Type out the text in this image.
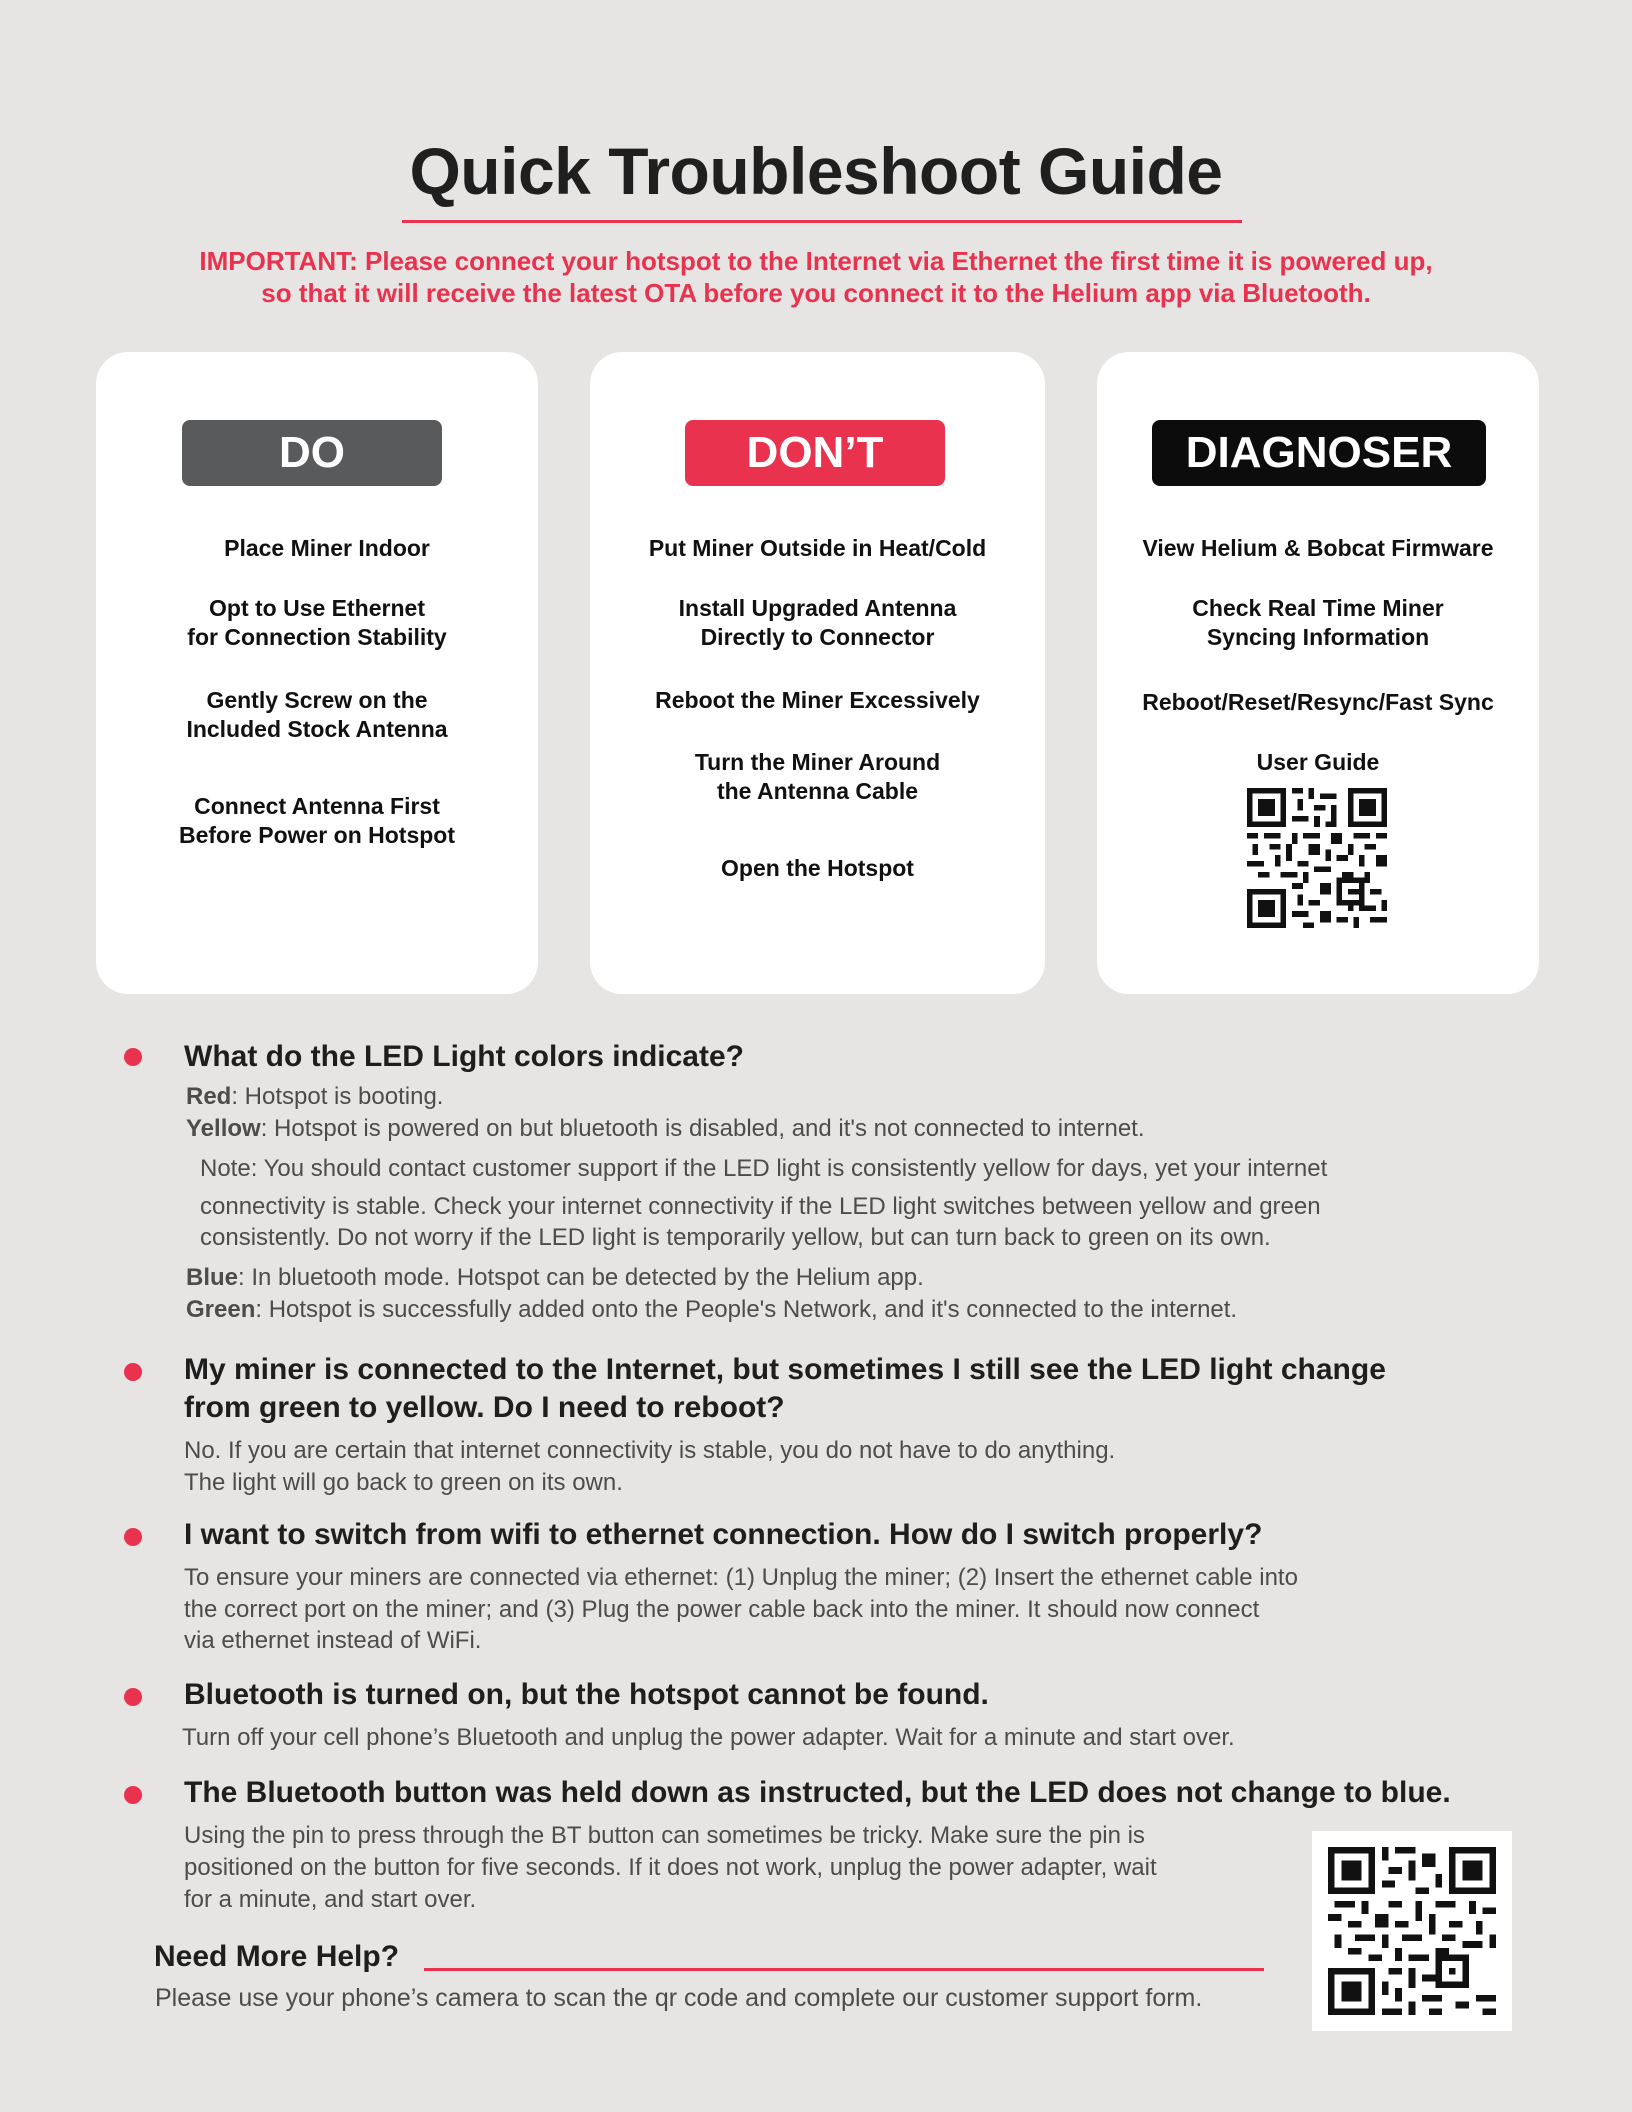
Quick Troubleshoot Guide
IMPORTANT: Please connect your hotspot to the Internet via Ethernet the first time it is powered up,
so that it will receive the latest OTA before you connect it to the Helium app via Bluetooth.
DO
Place Miner Indoor
Opt to Use Ethernet
for Connection Stability
Gently Screw on the
Included Stock Antenna
Connect Antenna First
Before Power on Hotspot
DON’T
Put Miner Outside in Heat/Cold
Install Upgraded Antenna
Directly to Connector
Reboot the Miner Excessively
Turn the Miner Around
the Antenna Cable
Open the Hotspot
DIAGNOSER
View Helium & Bobcat Firmware
Check Real Time Miner
Syncing Information
Reboot/Reset/Resync/Fast Sync
User Guide
What do the LED Light colors indicate?
Red: Hotspot is booting.
Yellow: Hotspot is powered on but bluetooth is disabled, and it's not connected to internet.
Note: You should contact customer support if the LED light is consistently yellow for days, yet your internet
connectivity is stable. Check your internet connectivity if the LED light switches between yellow and green
consistently. Do not worry if the LED light is temporarily yellow, but can turn back to green on its own.
Blue: In bluetooth mode. Hotspot can be detected by the Helium app.
Green: Hotspot is successfully added onto the People's Network, and it's connected to the internet.
My miner is connected to the Internet, but sometimes I still see the LED light change
from green to yellow. Do I need to reboot?
No. If you are certain that internet connectivity is stable, you do not have to do anything.
The light will go back to green on its own.
I want to switch from wifi to ethernet connection. How do I switch properly?
To ensure your miners are connected via ethernet: (1) Unplug the miner; (2) Insert the ethernet cable into
the correct port on the miner; and (3) Plug the power cable back into the miner. It should now connect
via ethernet instead of WiFi.
Bluetooth is turned on, but the hotspot cannot be found.
Turn off your cell phone’s Bluetooth and unplug the power adapter. Wait for a minute and start over.
The Bluetooth button was held down as instructed, but the LED does not change to blue.
Using the pin to press through the BT button can sometimes be tricky. Make sure the pin is
positioned on the button for five seconds. If it does not work, unplug the power adapter, wait
for a minute, and start over.
Need More Help?
Please use your phone’s camera to scan the qr code and complete our customer support form.
